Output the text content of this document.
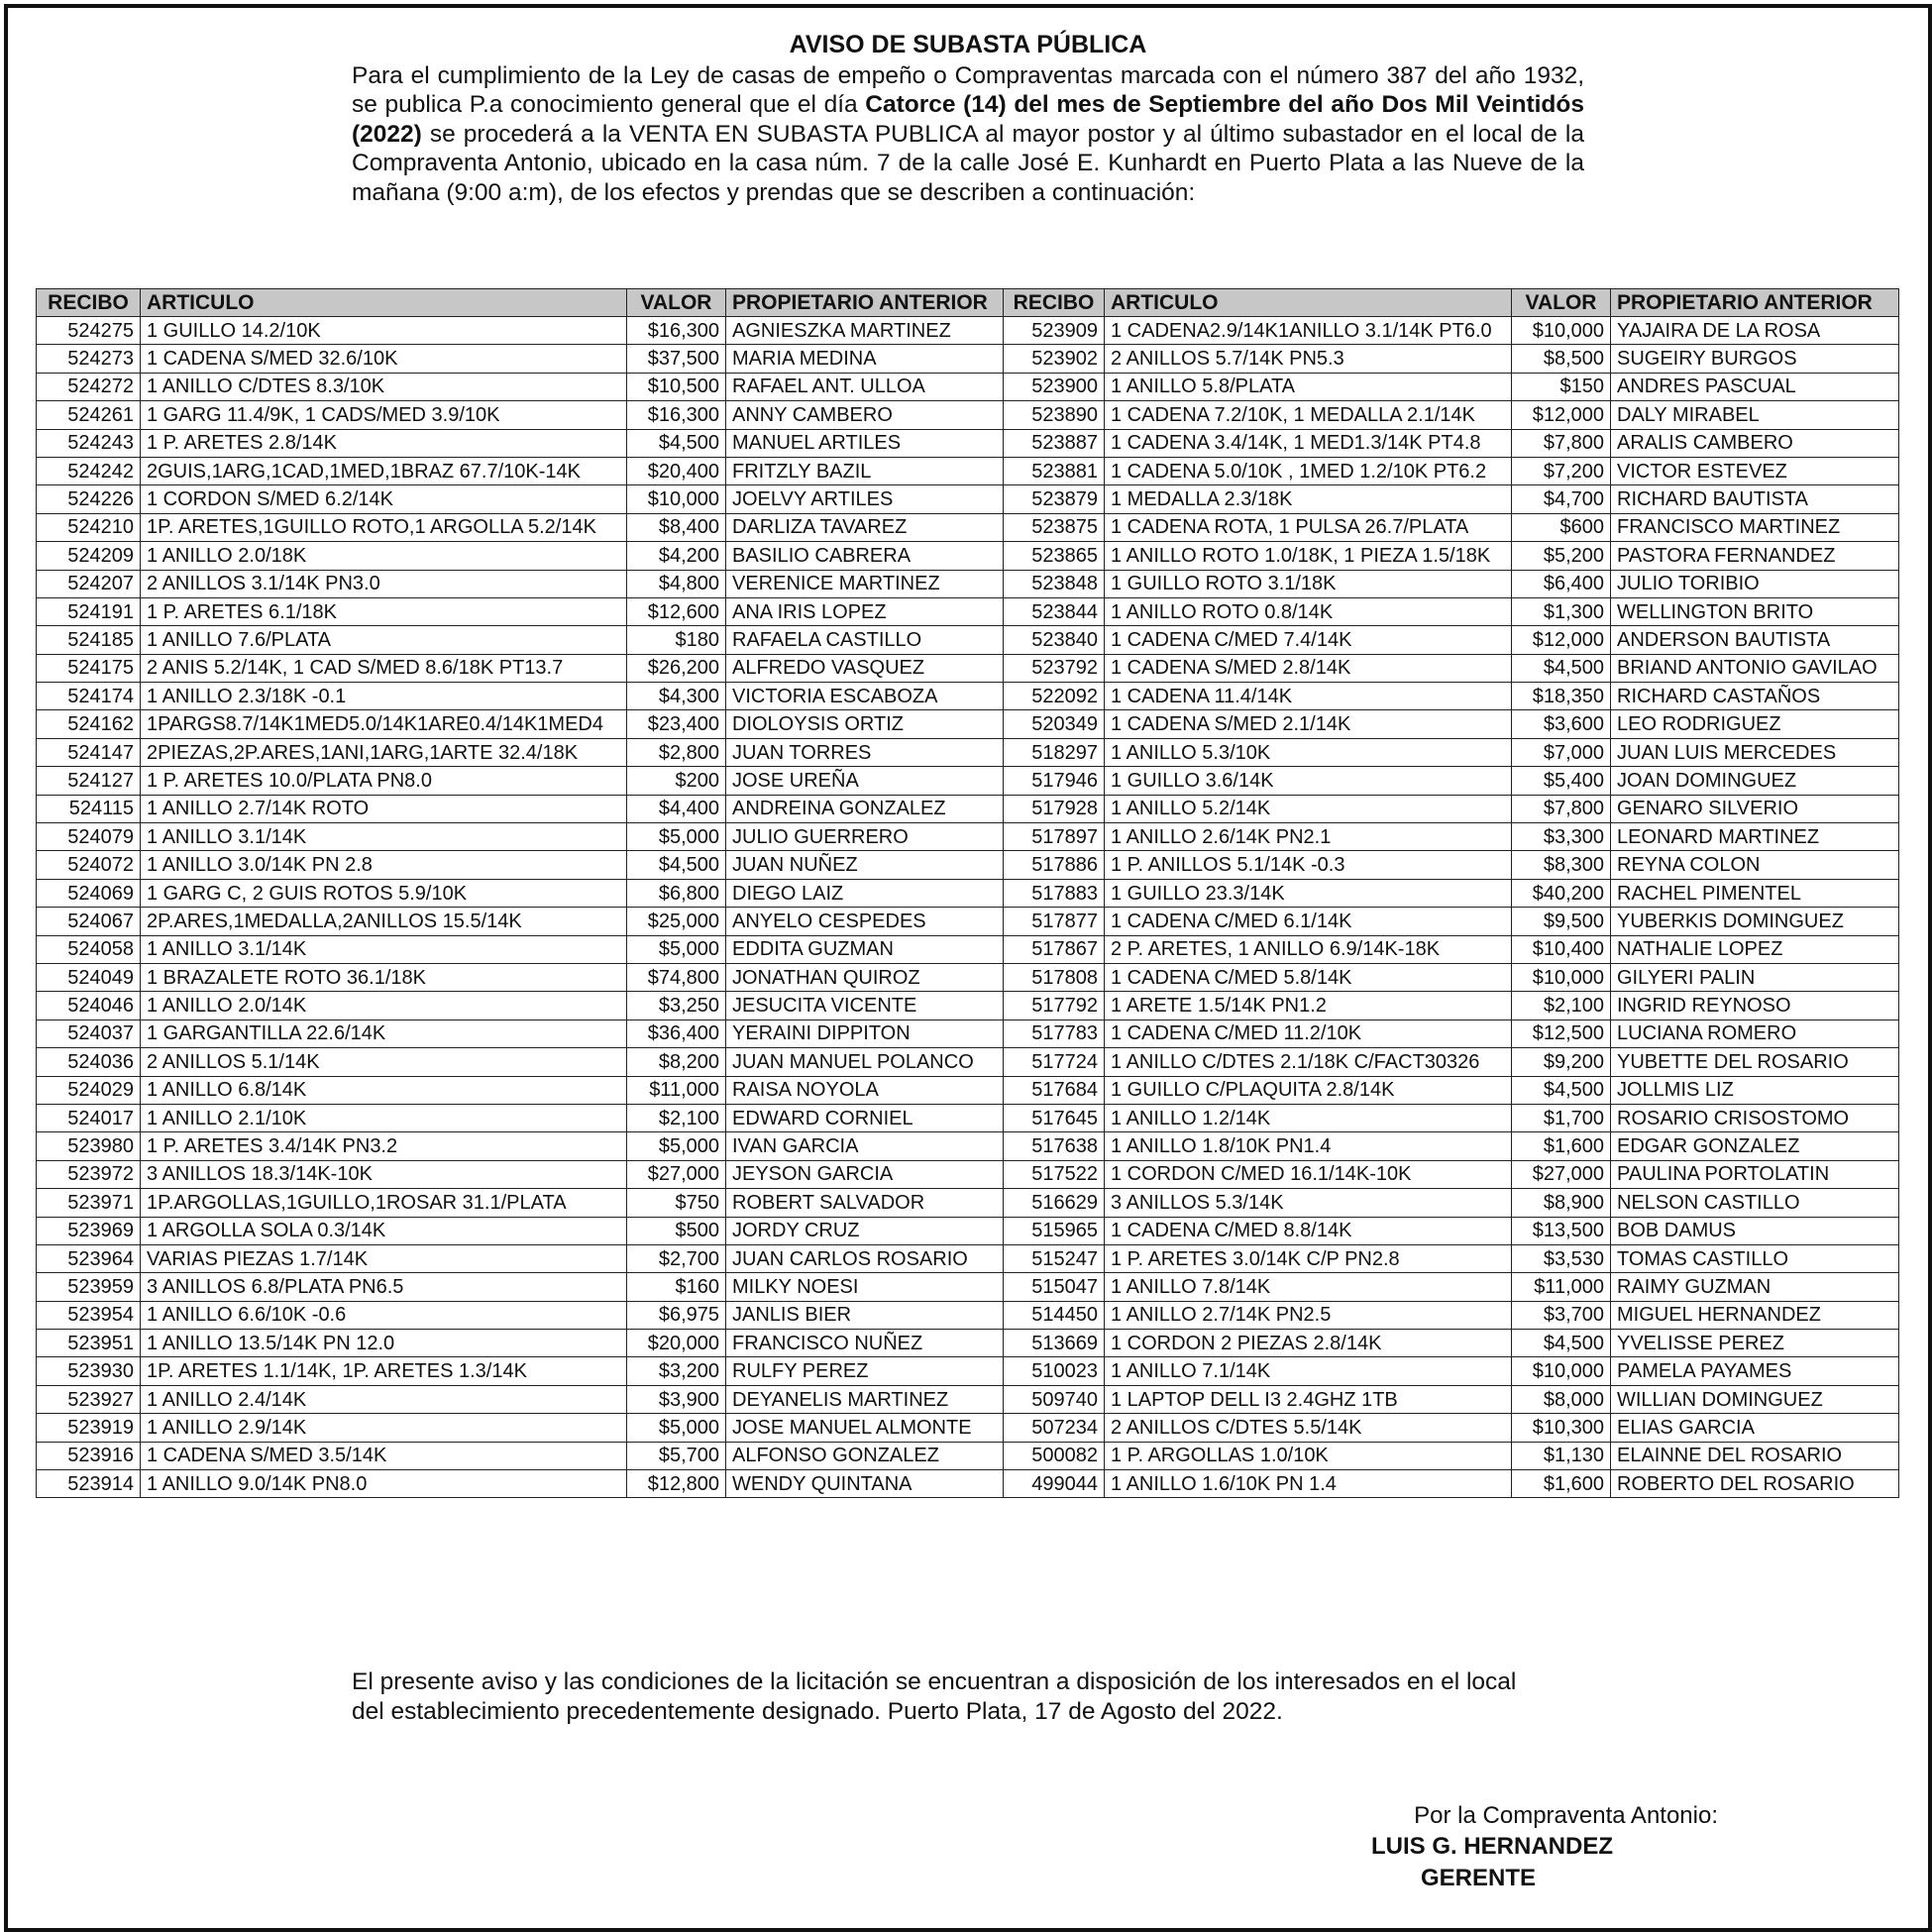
AVISO DE SUBASTA PÚBLICA
Para el cumplimiento de la Ley de casas de empeño o Compraventas marcada con el número 387 del año 1932, se publica P.a conocimiento general que el día Catorce (14) del mes de Septiembre del año Dos Mil Veintidós (2022) se procederá a la VENTA EN SUBASTA PUBLICA al mayor postor y al último subastador en el local de la Compraventa Antonio, ubicado en la casa núm. 7 de la calle José E. Kunhardt en Puerto Plata a las Nueve de la mañana (9:00 a:m), de los efectos y prendas que se describen a continuación:
RECIBO	ARTICULO	VALOR	PROPIETARIO ANTERIOR	RECIBO	ARTICULO	VALOR	PROPIETARIO ANTERIOR
524275	1 GUILLO 14.2/10K	$16,300	AGNIESZKA MARTINEZ	523909	1 CADENA2.9/14K1ANILLO 3.1/14K PT6.0	$10,000	YAJAIRA DE LA ROSA
524273	1 CADENA S/MED 32.6/10K	$37,500	MARIA MEDINA	523902	2 ANILLOS 5.7/14K PN5.3	$8,500	SUGEIRY BURGOS
524272	1 ANILLO C/DTES 8.3/10K	$10,500	RAFAEL ANT. ULLOA	523900	1 ANILLO 5.8/PLATA	$150	ANDRES PASCUAL
524261	1 GARG 11.4/9K, 1 CADS/MED 3.9/10K	$16,300	ANNY CAMBERO	523890	1 CADENA 7.2/10K, 1 MEDALLA 2.1/14K	$12,000	DALY MIRABEL
524243	1 P. ARETES 2.8/14K	$4,500	MANUEL ARTILES	523887	1 CADENA 3.4/14K, 1 MED1.3/14K PT4.8	$7,800	ARALIS CAMBERO
524242	2GUIS,1ARG,1CAD,1MED,1BRAZ 67.7/10K-14K	$20,400	FRITZLY BAZIL	523881	1 CADENA 5.0/10K , 1MED 1.2/10K PT6.2	$7,200	VICTOR ESTEVEZ
524226	1 CORDON S/MED 6.2/14K	$10,000	JOELVY ARTILES	523879	1 MEDALLA 2.3/18K	$4,700	RICHARD BAUTISTA
524210	1P. ARETES,1GUILLO ROTO,1 ARGOLLA 5.2/14K	$8,400	DARLIZA TAVAREZ	523875	1 CADENA ROTA, 1 PULSA 26.7/PLATA	$600	FRANCISCO MARTINEZ
524209	1 ANILLO 2.0/18K	$4,200	BASILIO CABRERA	523865	1 ANILLO ROTO 1.0/18K, 1 PIEZA 1.5/18K	$5,200	PASTORA FERNANDEZ
524207	2 ANILLOS 3.1/14K PN3.0	$4,800	VERENICE MARTINEZ	523848	1 GUILLO ROTO 3.1/18K	$6,400	JULIO TORIBIO
524191	1 P. ARETES 6.1/18K	$12,600	ANA IRIS LOPEZ	523844	1 ANILLO ROTO 0.8/14K	$1,300	WELLINGTON BRITO
524185	1 ANILLO 7.6/PLATA	$180	RAFAELA CASTILLO	523840	1 CADENA C/MED 7.4/14K	$12,000	ANDERSON BAUTISTA
524175	2 ANIS 5.2/14K, 1 CAD S/MED 8.6/18K PT13.7	$26,200	ALFREDO VASQUEZ	523792	1 CADENA S/MED 2.8/14K	$4,500	BRIAND ANTONIO GAVILAO
524174	1 ANILLO 2.3/18K -0.1	$4,300	VICTORIA ESCABOZA	522092	1 CADENA 11.4/14K	$18,350	RICHARD CASTAÑOS
524162	1PARGS8.7/14K1MED5.0/14K1ARE0.4/14K1MED4	$23,400	DIOLOYSIS ORTIZ	520349	1 CADENA S/MED 2.1/14K	$3,600	LEO RODRIGUEZ
524147	2PIEZAS,2P.ARES,1ANI,1ARG,1ARTE 32.4/18K	$2,800	JUAN TORRES	518297	1 ANILLO 5.3/10K	$7,000	JUAN LUIS MERCEDES
524127	1 P. ARETES 10.0/PLATA PN8.0	$200	JOSE UREÑA	517946	1 GUILLO 3.6/14K	$5,400	JOAN DOMINGUEZ
524115	1 ANILLO 2.7/14K ROTO	$4,400	ANDREINA GONZALEZ	517928	1 ANILLO 5.2/14K	$7,800	GENARO SILVERIO
524079	1 ANILLO 3.1/14K	$5,000	JULIO GUERRERO	517897	1 ANILLO 2.6/14K PN2.1	$3,300	LEONARD MARTINEZ
524072	1 ANILLO 3.0/14K PN 2.8	$4,500	JUAN NUÑEZ	517886	1 P. ANILLOS 5.1/14K -0.3	$8,300	REYNA COLON
524069	1 GARG C, 2 GUIS ROTOS 5.9/10K	$6,800	DIEGO LAIZ	517883	1 GUILLO 23.3/14K	$40,200	RACHEL PIMENTEL
524067	2P.ARES,1MEDALLA,2ANILLOS 15.5/14K	$25,000	ANYELO CESPEDES	517877	1 CADENA C/MED 6.1/14K	$9,500	YUBERKIS DOMINGUEZ
524058	1 ANILLO 3.1/14K	$5,000	EDDITA GUZMAN	517867	2 P. ARETES, 1 ANILLO 6.9/14K-18K	$10,400	NATHALIE LOPEZ
524049	1 BRAZALETE ROTO 36.1/18K	$74,800	JONATHAN QUIROZ	517808	1 CADENA C/MED 5.8/14K	$10,000	GILYERI PALIN
524046	1 ANILLO 2.0/14K	$3,250	JESUCITA VICENTE	517792	1 ARETE 1.5/14K PN1.2	$2,100	INGRID REYNOSO
524037	1 GARGANTILLA 22.6/14K	$36,400	YERAINI DIPPITON	517783	1 CADENA C/MED 11.2/10K	$12,500	LUCIANA ROMERO
524036	2 ANILLOS 5.1/14K	$8,200	JUAN MANUEL POLANCO	517724	1 ANILLO C/DTES 2.1/18K C/FACT30326	$9,200	YUBETTE DEL ROSARIO
524029	1 ANILLO 6.8/14K	$11,000	RAISA NOYOLA	517684	1 GUILLO C/PLAQUITA 2.8/14K	$4,500	JOLLMIS LIZ
524017	1 ANILLO 2.1/10K	$2,100	EDWARD CORNIEL	517645	1 ANILLO 1.2/14K	$1,700	ROSARIO CRISOSTOMO
523980	1 P. ARETES 3.4/14K PN3.2	$5,000	IVAN GARCIA	517638	1 ANILLO 1.8/10K PN1.4	$1,600	EDGAR GONZALEZ
523972	3 ANILLOS 18.3/14K-10K	$27,000	JEYSON GARCIA	517522	1 CORDON C/MED 16.1/14K-10K	$27,000	PAULINA PORTOLATIN
523971	1P.ARGOLLAS,1GUILLO,1ROSAR 31.1/PLATA	$750	ROBERT SALVADOR	516629	3 ANILLOS 5.3/14K	$8,900	NELSON CASTILLO
523969	1 ARGOLLA SOLA 0.3/14K	$500	JORDY CRUZ	515965	1 CADENA C/MED 8.8/14K	$13,500	BOB DAMUS
523964	VARIAS PIEZAS 1.7/14K	$2,700	JUAN CARLOS ROSARIO	515247	1 P. ARETES 3.0/14K C/P PN2.8	$3,530	TOMAS CASTILLO
523959	3 ANILLOS 6.8/PLATA PN6.5	$160	MILKY NOESI	515047	1 ANILLO 7.8/14K	$11,000	RAIMY GUZMAN
523954	1 ANILLO 6.6/10K -0.6	$6,975	JANLIS BIER	514450	1 ANILLO 2.7/14K PN2.5	$3,700	MIGUEL HERNANDEZ
523951	1 ANILLO 13.5/14K PN 12.0	$20,000	FRANCISCO NUÑEZ	513669	1 CORDON 2 PIEZAS 2.8/14K	$4,500	YVELISSE PEREZ
523930	1P. ARETES 1.1/14K, 1P. ARETES 1.3/14K	$3,200	RULFY PEREZ	510023	1 ANILLO 7.1/14K	$10,000	PAMELA PAYAMES
523927	1 ANILLO 2.4/14K	$3,900	DEYANELIS MARTINEZ	509740	1 LAPTOP DELL I3 2.4GHZ 1TB	$8,000	WILLIAN DOMINGUEZ
523919	1 ANILLO 2.9/14K	$5,000	JOSE MANUEL ALMONTE	507234	2 ANILLOS C/DTES 5.5/14K	$10,300	ELIAS GARCIA
523916	1 CADENA S/MED 3.5/14K	$5,700	ALFONSO GONZALEZ	500082	1 P. ARGOLLAS 1.0/10K	$1,130	ELAINNE DEL ROSARIO
523914	1 ANILLO 9.0/14K PN8.0	$12,800	WENDY QUINTANA	499044	1 ANILLO 1.6/10K PN 1.4	$1,600	ROBERTO DEL ROSARIO
El presente aviso y las condiciones de la licitación se encuentran a disposición de los interesados en el local del establecimiento precedentemente designado. Puerto Plata, 17 de Agosto del 2022.
Por la Compraventa Antonio:
LUIS G. HERNANDEZ
GERENTE
